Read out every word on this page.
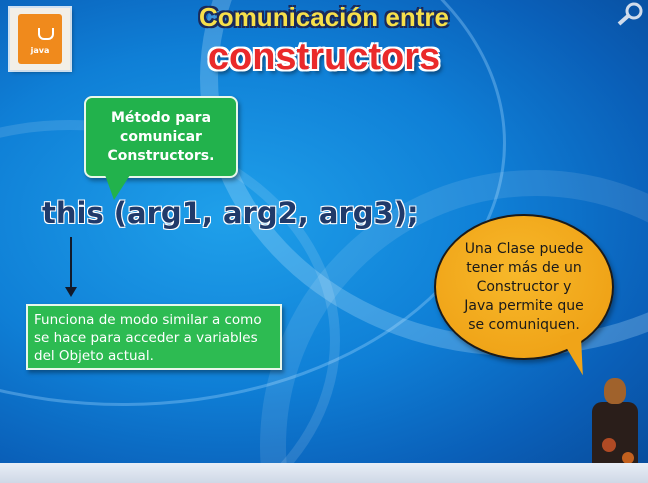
java
Comunicación entre
constructors
Método para
comunicar
Constructors.
this (arg1, arg2, arg3);
Funciona de modo similar a como se hace para acceder a variables del Objeto actual.
Una Clase puede
tener más de un
Constructor y
Java permite que
se comuniquen.
